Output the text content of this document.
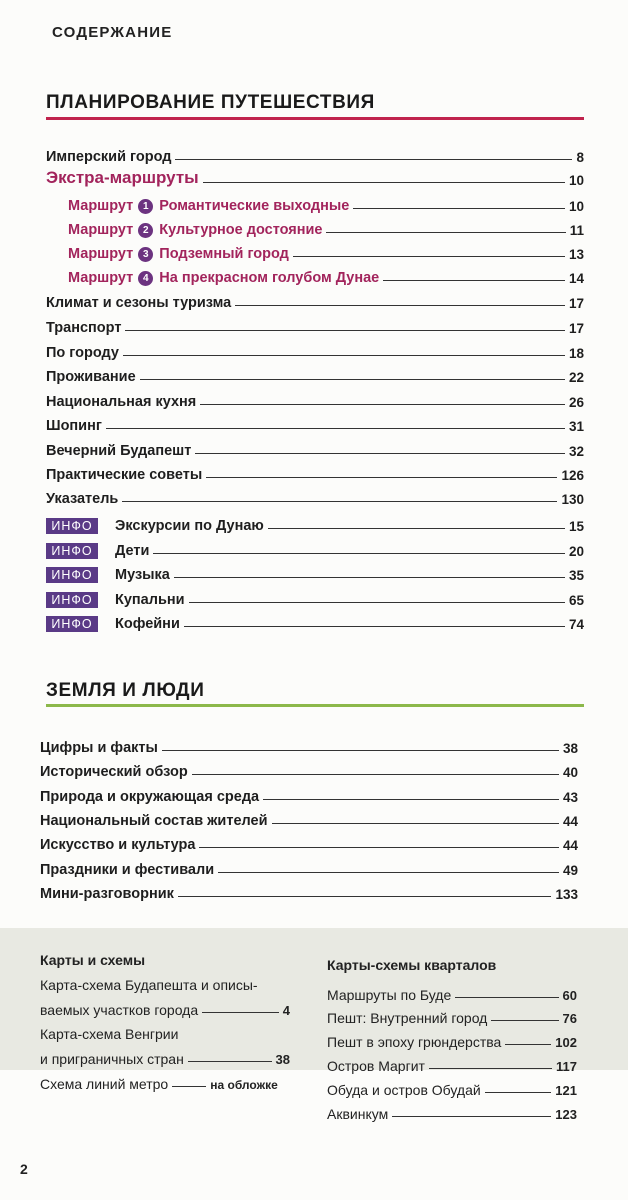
СОДЕРЖАНИЕ
ПЛАНИРОВАНИЕ ПУТЕШЕСТВИЯ
Имперский город	8
Экстра-маршруты	10
Маршрут 1 Романтические выходные	10
Маршрут 2 Культурное достояние	11
Маршрут 3 Подземный город	13
Маршрут 4 На прекрасном голубом Дунае	14
Климат и сезоны туризма	17
Транспорт	17
По городу	18
Проживание	22
Национальная кухня	26
Шопинг	31
Вечерний Будапешт	32
Практические советы	126
Указатель	130
ИНФО Экскурсии по Дунаю	15
ИНФО Дети	20
ИНФО Музыка	35
ИНФО Купальни	65
ИНФО Кофейни	74
ЗЕМЛЯ И ЛЮДИ
Цифры и факты	38
Исторический обзор	40
Природа и окружающая среда	43
Национальный состав жителей	44
Искусство и культура	44
Праздники и фестивали	49
Мини-разговорник	133
Карты и схемы
Карта-схема Будапешта и описы-
ваемых участков города	4
Карта-схема Венгрии
и приграничных стран	38
Схема линий метро	на обложке
Карты-схемы кварталов
Маршруты по Буде	60
Пешт: Внутренний город	76
Пешт в эпоху грюндерства	102
Остров Маргит	117
Обуда и остров Обудай	121
Аквинкум	123
2
